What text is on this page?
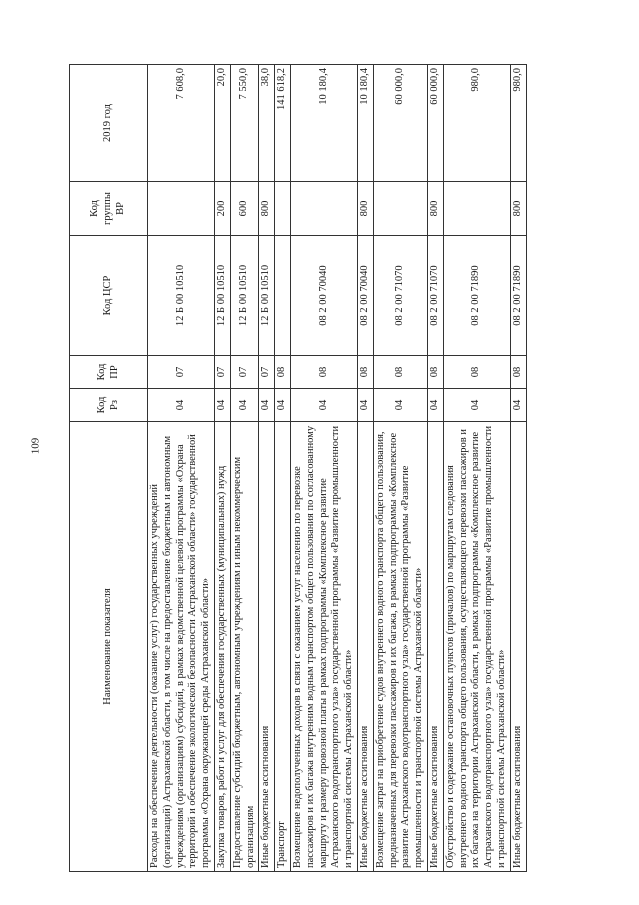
109
Наименование показателя	Код Рз	Код ПР	Код ЦСР	Код группы ВР	2019 год
Расходы на обеспечение деятельности (оказание услуг) государственных учреждений (организаций) Астраханской области, в том числе на предоставление бюджетным и автономным учреждениям (организациям) субсидий, в рамках ведомственной целевой программы «Охрана территорий и обеспечение экологической безопасности Астраханской области» государственной программы «Охрана окружающей среды Астраханской области»	04	07	12 Б 00 10510		7 608,0
Закупка товаров, работ и услуг для обеспечения государственных (муниципальных) нужд	04	07	12 Б 00 10510	200	20,0
Предоставление субсидий бюджетным, автономным учреждениям и иным некоммерческим организациям	04	07	12 Б 00 10510	600	7 550,0
Иные бюджетные ассигнования	04	07	12 Б 00 10510	800	38,0
Транспорт	04	08			141 618,2
Возмещение недополученных доходов в связи с оказанием услуг населению по перевозке пассажиров и их багажа внутренним водным транспортом общего пользования по согласованному маршруту и размеру провозной платы в рамках подпрограммы «Комплексное развитие Астраханского водотранспортного узла» государственной программы «Развитие промышленности и транспортной системы Астраханской области»	04	08	08 2 00 70040		10 180,4
Иные бюджетные ассигнования	04	08	08 2 00 70040	800	10 180,4
Возмещение затрат на приобретение судов внутреннего водного транспорта общего пользования, предназначенных для перевозки пассажиров и их багажа, в рамках подпрограммы «Комплексное развитие Астраханского водотранспортного узла» государственной программы «Развитие промышленности и транспортной системы Астраханской области»	04	08	08 2 00 71070		60 000,0
Иные бюджетные ассигнования	04	08	08 2 00 71070	800	60 000,0
Обустройство и содержание остановочных пунктов (причалов) по маршрутам следования внутреннего водного транспорта общего пользования, осуществляющего перевозки пассажиров и их багажа на территории Астраханской области, в рамках подпрограммы «Комплексное развитие Астраханского водотранспортного узла» государственной программы «Развитие промышленности и транспортной системы Астраханской области»	04	08	08 2 00 71890		980,0
Иные бюджетные ассигнования	04	08	08 2 00 71890	800	980,0
